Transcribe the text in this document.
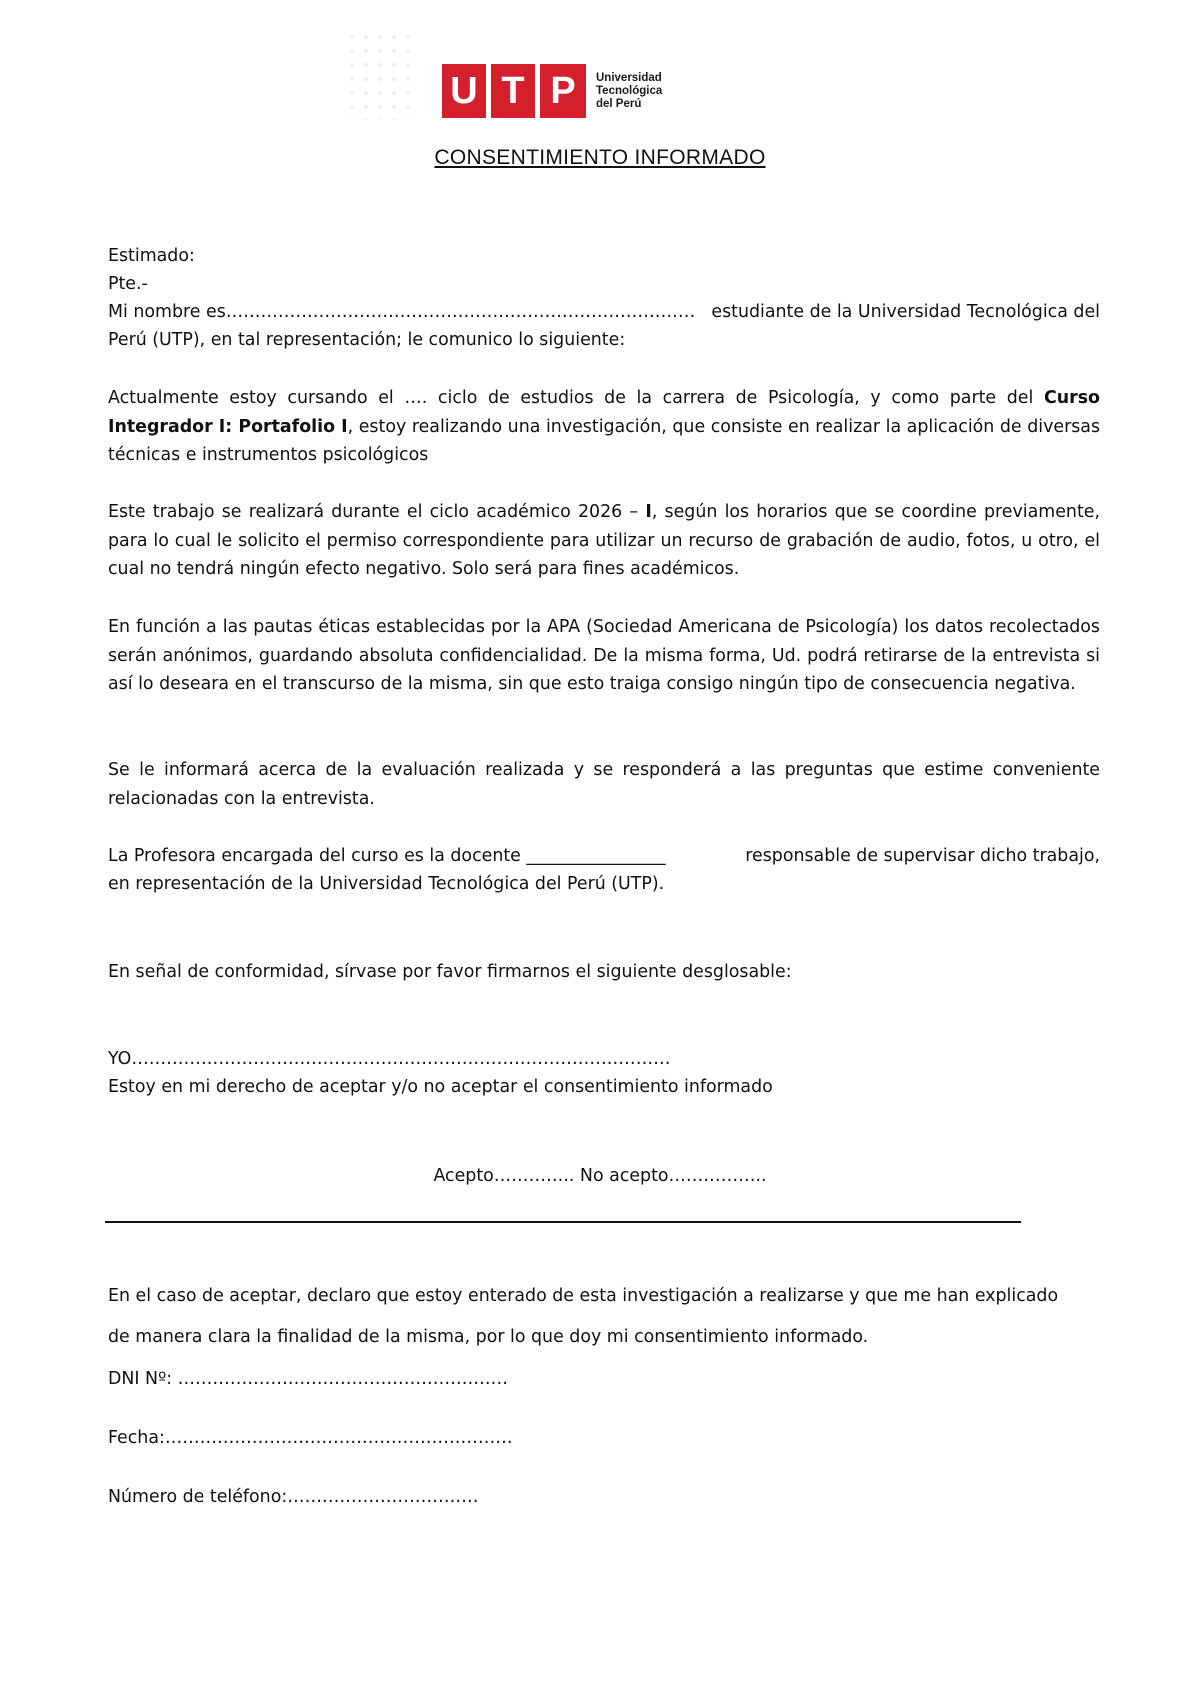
U T P	Universidad
Tecnológica
del Perú
CONSENTIMIENTO INFORMADO
Estimado:
Pte.-
Mi nombre es……………………………………………………………………… estudiante de la Universidad Tecnológica del
Perú (UTP), en tal representación; le comunico lo siguiente:

Actualmente estoy cursando el …. ciclo de estudios de la carrera de Psicología, y como parte del Curso Integrador I: Portafolio I, estoy realizando una investigación, que consiste en realizar la aplicación de diversas técnicas e instrumentos psicológicos

Este trabajo se realizará durante el ciclo académico 2026 – I, según los horarios que se coordine previamente, para lo cual le solicito el permiso correspondiente para utilizar un recurso de grabación de audio, fotos, u otro, el cual no tendrá ningún efecto negativo. Solo será para fines académicos.

En función a las pautas éticas establecidas por la APA (Sociedad Americana de Psicología) los datos recolectados serán anónimos, guardando absoluta confidencialidad. De la misma forma, Ud. podrá retirarse de la entrevista si así lo deseara en el transcurso de la misma, sin que esto traiga consigo ningún tipo de consecuencia negativa.

Se le informará acerca de la evaluación realizada y se responderá a las preguntas que estime conveniente relacionadas con la entrevista.

La Profesora encargada del curso es la docente ________________	responsable de supervisar dicho trabajo,
en representación de la Universidad Tecnológica del Perú (UTP).
En señal de conformidad, sírvase por favor firmarnos el siguiente desglosable:
YO…………………………………………………………………………………
Estoy en mi derecho de aceptar y/o no aceptar el consentimiento informado
Acepto………….. No acepto……………..
En el caso de aceptar, declaro que estoy enterado de esta investigación a realizarse y que me han explicado
de manera clara la finalidad de la misma, por lo que doy mi consentimiento informado.
DNI Nº: …………………………………………………
Fecha:……………………………………………………
Número de teléfono:……………………………
